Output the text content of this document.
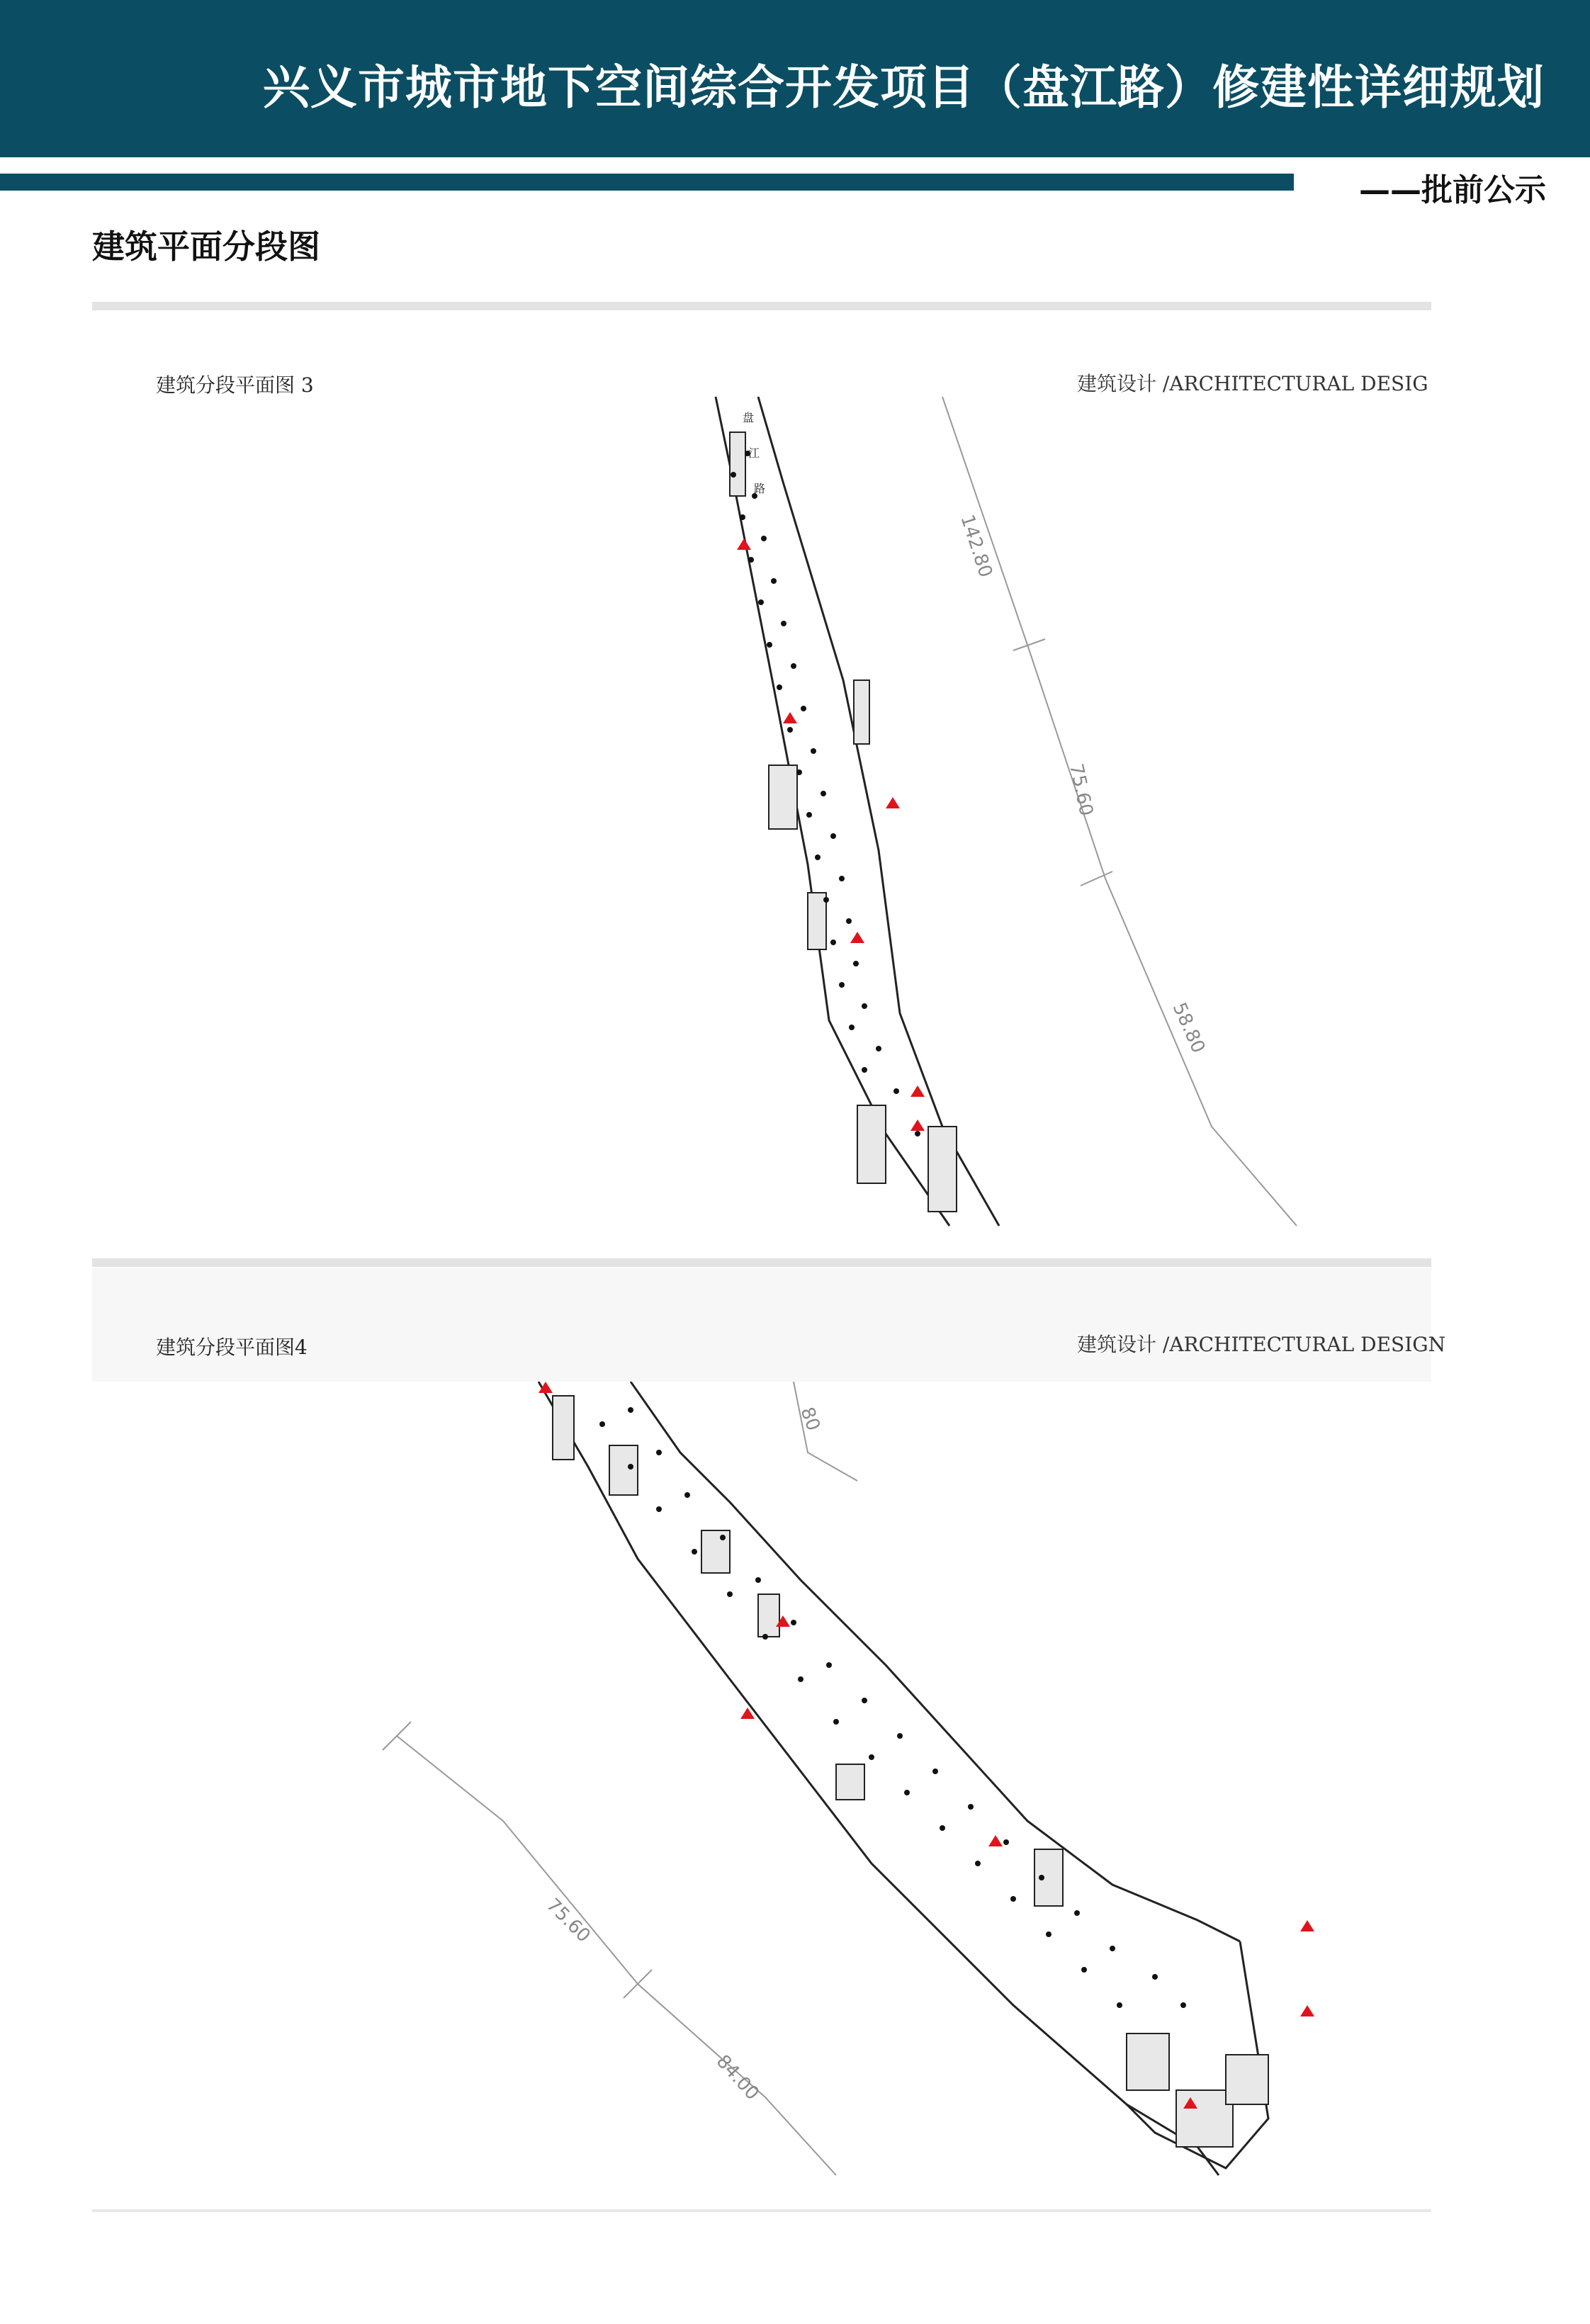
兴义市城市地下空间综合开发项目（盘江路）修建性详细规划
——批前公示
建筑平面分段图
建筑分段平面图 3	建筑设计 /ARCHITECTURAL DESIG
盘
江
路
142.80
75.60
58.80
建筑分段平面图4	建筑设计 /ARCHITECTURAL DESIGN
80
75.60
84.00
